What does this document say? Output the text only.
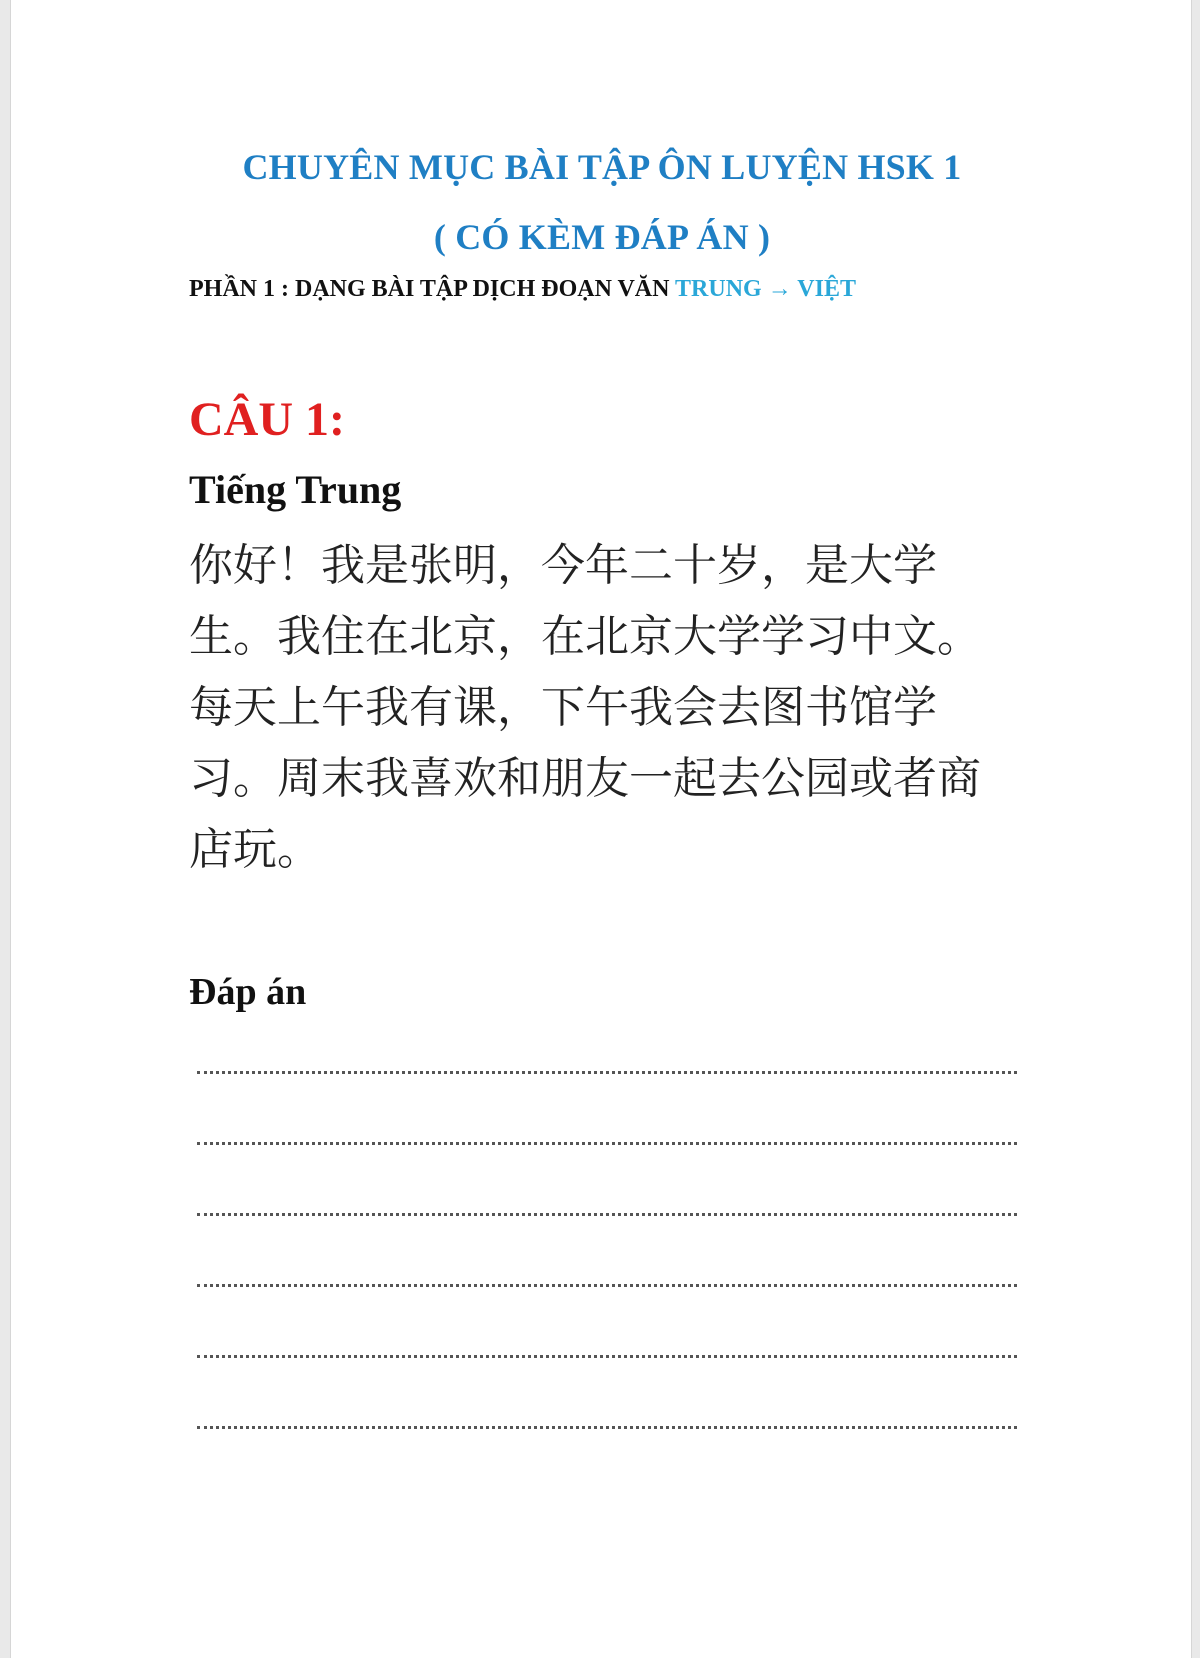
CHUYÊN MỤC BÀI TẬP ÔN LUYỆN HSK 1
( CÓ KÈM ĐÁP ÁN )
PHẦN 1 : DẠNG BÀI TẬP DỊCH ĐOẠN VĂN TRUNG → VIỆT
CÂU 1:
Tiếng Trung

你好！我是张明，今年二十岁，是大学生。我住在北京，在北京大学学习中文。每天上午我有课，下午我会去图书馆学习。周末我喜欢和朋友一起去公园或者商店玩。

Đáp án
